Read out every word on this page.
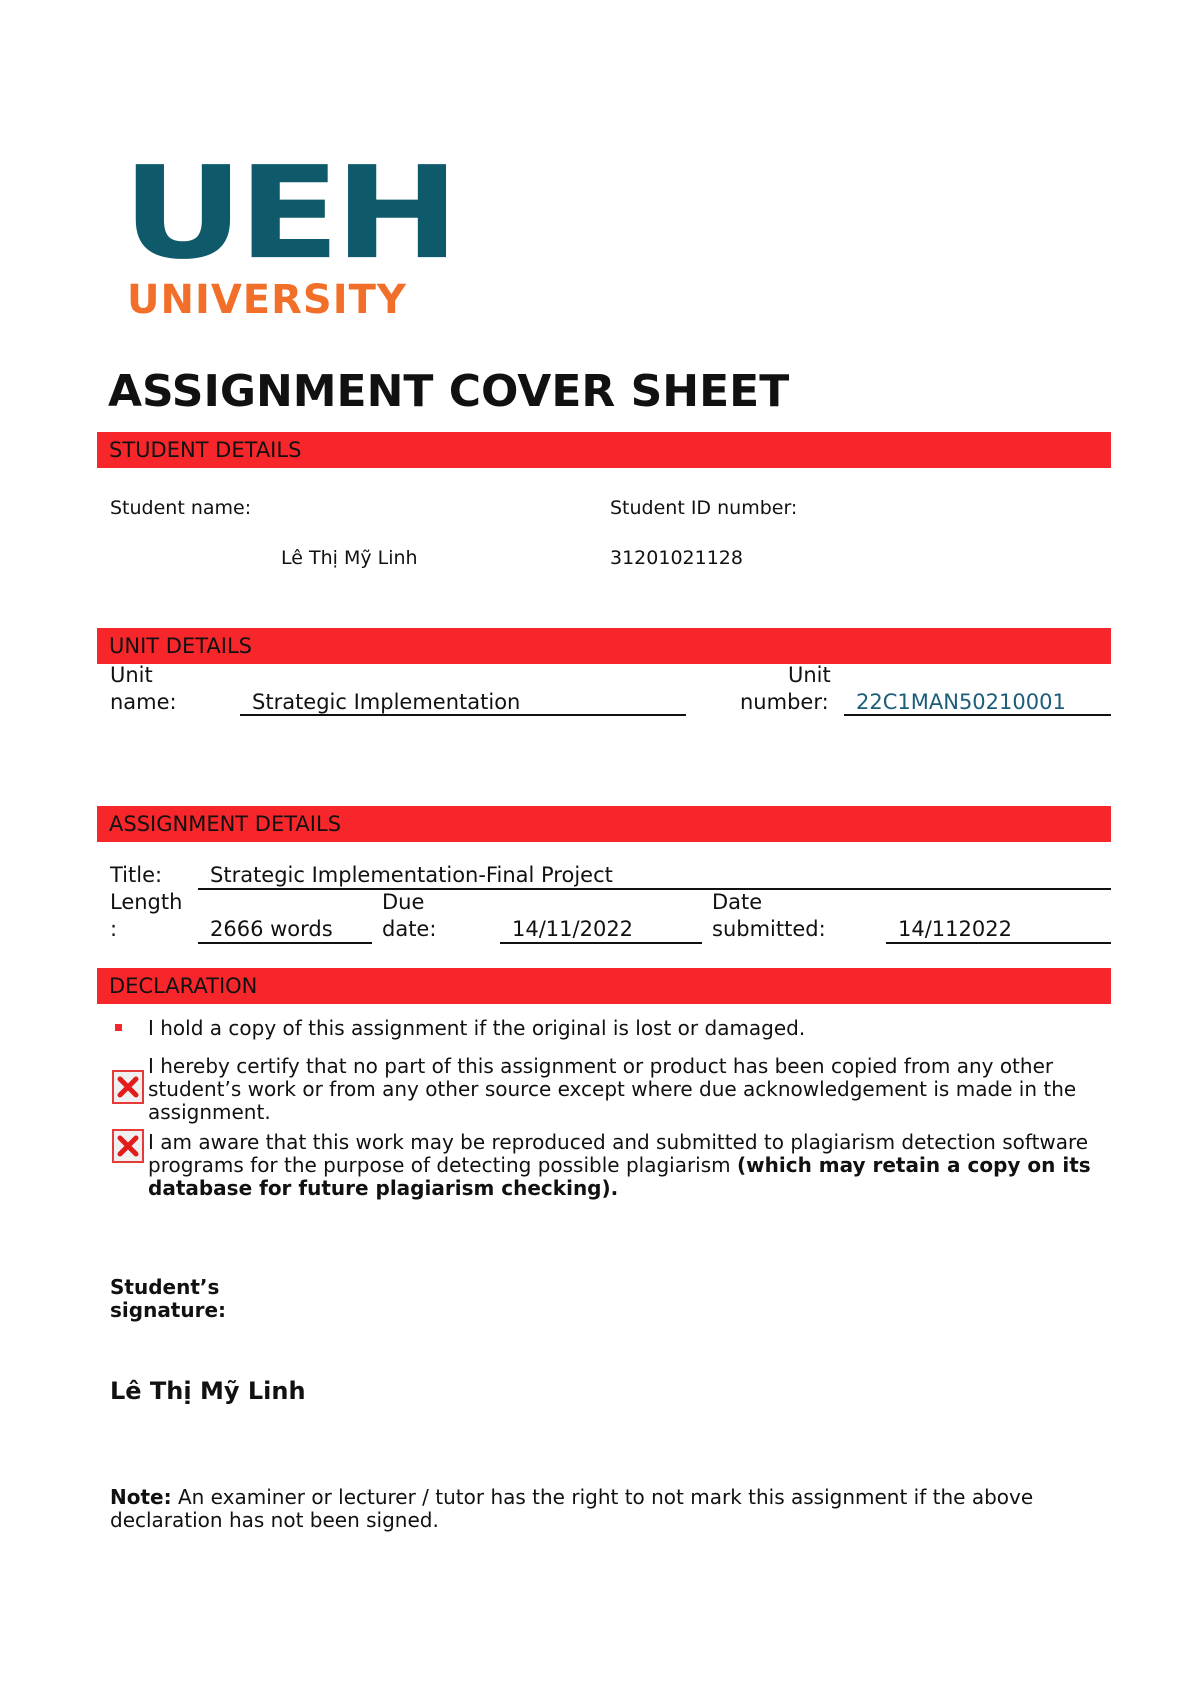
UEH
UNIVERSITY
ASSIGNMENT COVER SHEET
STUDENT DETAILS
Student name:	Student ID number:
Lê Thị Mỹ Linh	31201021128
UNIT DETAILS
Unit
name:	Strategic Implementation
Unit
number: 22C1MAN50210001
ASSIGNMENT DETAILS
Title: Strategic Implementation-Final Project
Length
:	2666 words
Due
date:	14/11/2022
Date
submitted:	14/112022
DECLARATION
I hold a copy of this assignment if the original is lost or damaged.
I hereby certify that no part of this assignment or product has been copied from any other student’s work or from any other source except where due acknowledgement is made in the assignment.
I am aware that this work may be reproduced and submitted to plagiarism detection software programs for the purpose of detecting possible plagiarism (which may retain a copy on its database for future plagiarism checking).
Student’s
signature:
Lê Thị Mỹ Linh
Note: An examiner or lecturer / tutor has the right to not mark this assignment if the above declaration has not been signed.
